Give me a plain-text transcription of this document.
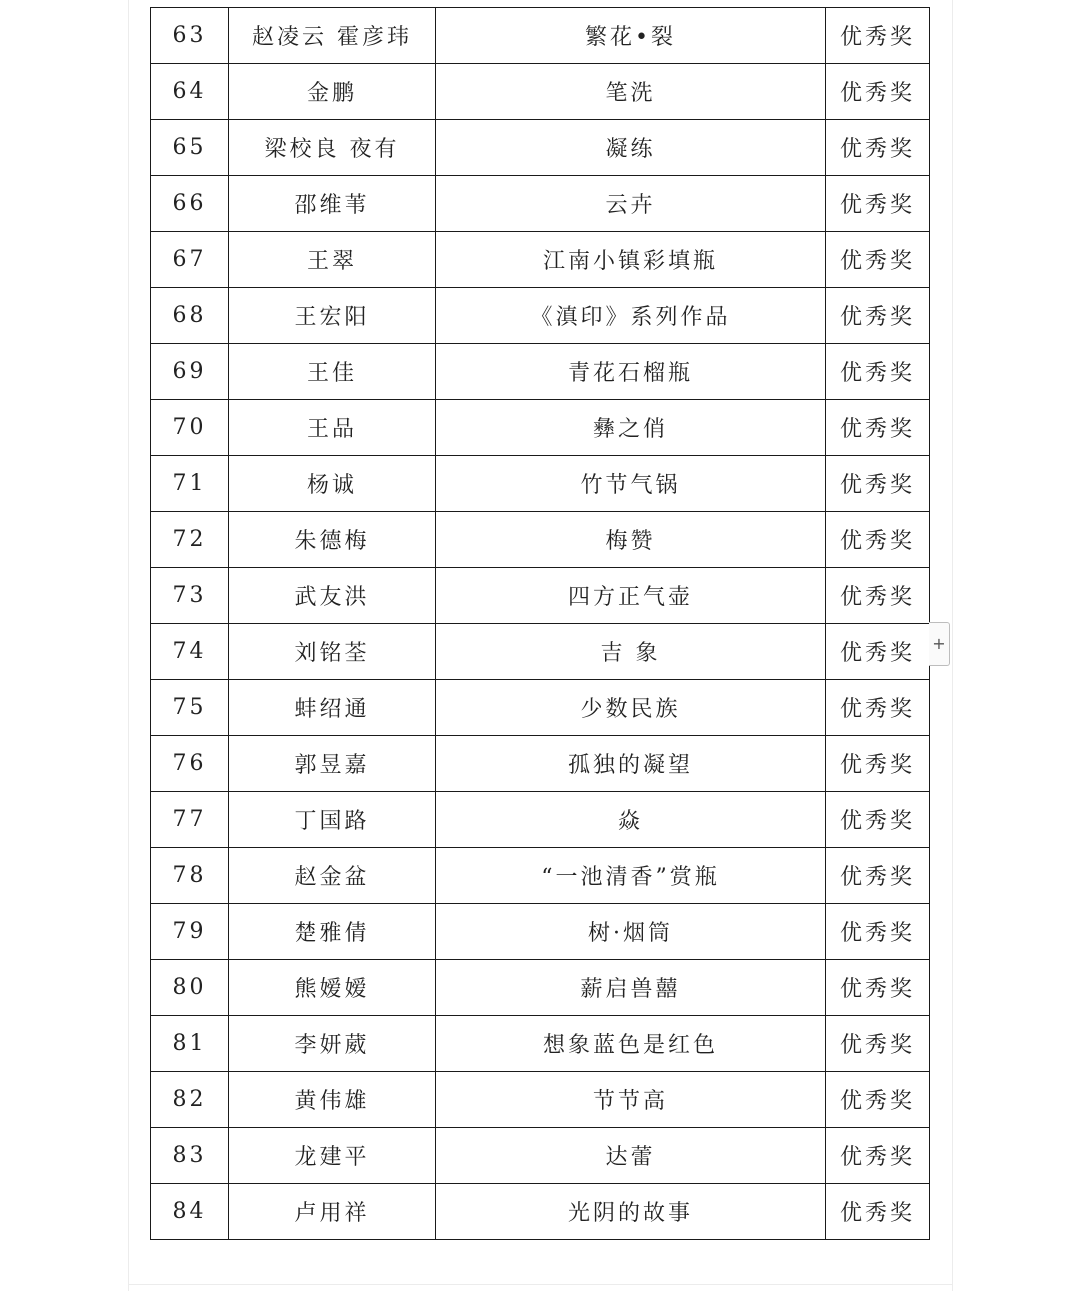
63	赵凌云 霍彦玮	繁花•裂	优秀奖
64	金鹏	笔洗	优秀奖
65	梁校良 夜有	凝练	优秀奖
66	邵维苇	云卉	优秀奖
67	王翠	江南小镇彩填瓶	优秀奖
68	王宏阳	《滇印》系列作品	优秀奖
69	王佳	青花石榴瓶	优秀奖
70	王品	彝之俏	优秀奖
71	杨诚	竹节气锅	优秀奖
72	朱德梅	梅赞	优秀奖
73	武友洪	四方正气壶	优秀奖
74	刘铭荃	吉 象	优秀奖
75	蚌绍通	少数民族	优秀奖
76	郭昱嘉	孤独的凝望	优秀奖
77	丁国路	焱	优秀奖
78	赵金盆	“一池清香”赏瓶	优秀奖
79	楚雅倩	树·烟筒	优秀奖
80	熊嫒嫒	薪启兽囍	优秀奖
81	李妍葳	想象蓝色是红色	优秀奖
82	黄伟雄	节节高	优秀奖
83	龙建平	达蕾	优秀奖
84	卢用祥	光阴的故事	优秀奖
+
